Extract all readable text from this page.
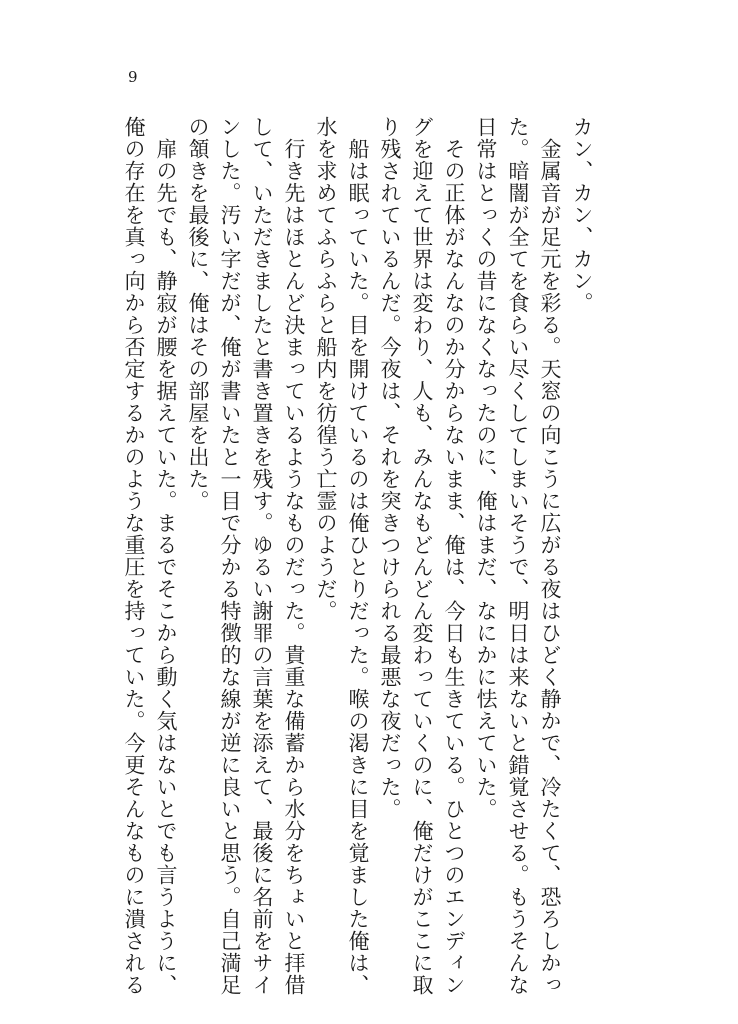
9
カン、カン、カン。
　金属音が足元を彩る。天窓の向こうに広がる夜はひどく静かで、冷たくて、恐ろしかっ
た。暗闇が全てを食らい尽くしてしまいそうで、明日は来ないと錯覚させる。もうそんな
日常はとっくの昔になくなったのに、俺はまだ、なにかに怯えていた。
　その正体がなんなのか分からないまま、俺は、今日も生きている。ひとつのエンディン
グを迎えて世界は変わり、人も、みんなもどんどん変わっていくのに、俺だけがここに取
り残されているんだ。今夜は、それを突きつけられる最悪な夜だった。
　船は眠っていた。目を開けているのは俺ひとりだった。喉の渇きに目を覚ました俺は、
水を求めてふらふらと船内を彷徨う亡霊のようだ。
　行き先はほとんど決まっているようなものだった。貴重な備蓄から水分をちょいと拝借
して、いただきましたと書き置きを残す。ゆるい謝罪の言葉を添えて、最後に名前をサイ
ンした。汚い字だが、俺が書いたと一目で分かる特徴的な線が逆に良いと思う。自己満足
の頷きを最後に、俺はその部屋を出た。
　扉の先でも、静寂が腰を据えていた。まるでそこから動く気はないとでも言うように、
俺の存在を真っ向から否定するかのような重圧を持っていた。今更そんなものに潰される
